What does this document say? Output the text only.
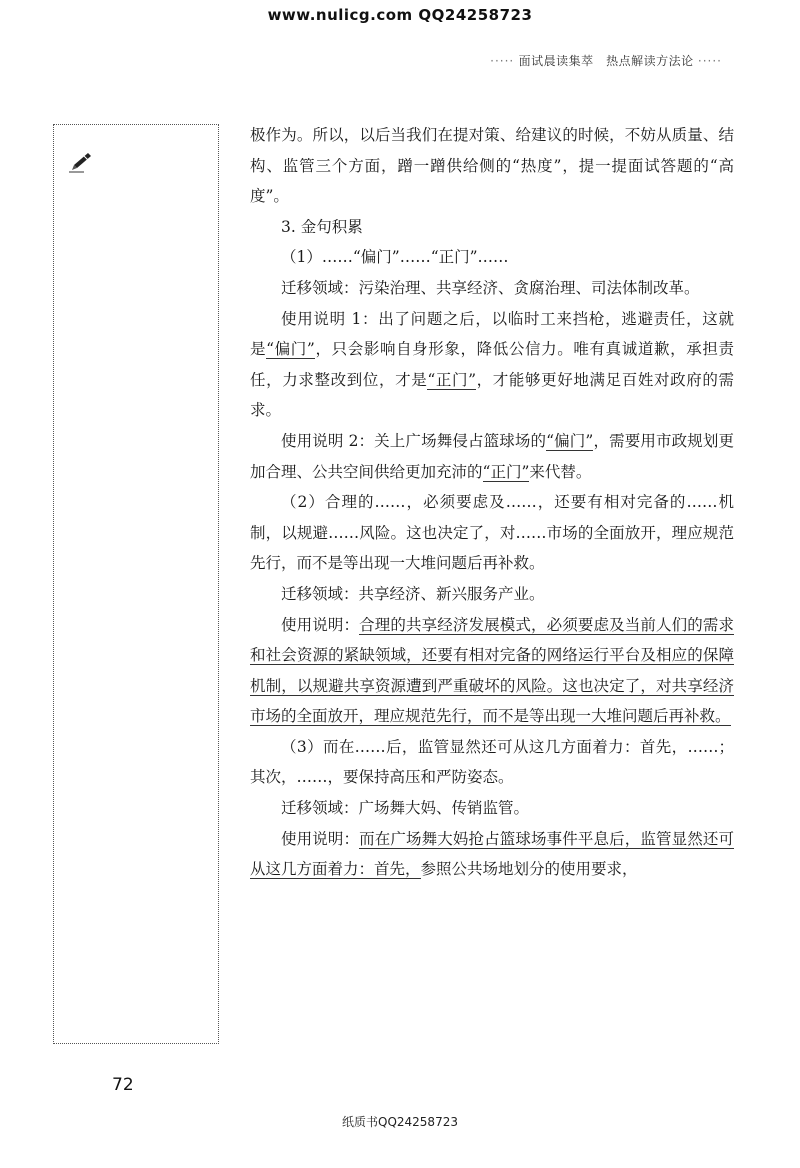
www.nulicg.com QQ24258723
····· 面试晨读集萃　热点解读方法论 ·····

极作为。所以，以后当我们在提对策、给建议的时候，不妨从质量、结构、监管三个方面，蹭一蹭供给侧的“热度”，提一提面试答题的“高度”。

3. 金句积累

（1）……“偏门”……“正门”……

迁移领域：污染治理、共享经济、贪腐治理、司法体制改革。

使用说明 1：出了问题之后，以临时工来挡枪，逃避责任，这就是“偏门”，只会影响自身形象，降低公信力。唯有真诚道歉，承担责任，力求整改到位，才是“正门”，才能够更好地满足百姓对政府的需求。

使用说明 2：关上广场舞侵占篮球场的“偏门”，需要用市政规划更加合理、公共空间供给更加充沛的“正门”来代替。

（2）合理的……，必须要虑及……，还要有相对完备的……机制，以规避……风险。这也决定了，对……市场的全面放开，理应规范先行，而不是等出现一大堆问题后再补救。

迁移领域：共享经济、新兴服务产业。

使用说明：合理的共享经济发展模式，必须要虑及当前人们的需求和社会资源的紧缺领域，还要有相对完备的网络运行平台及相应的保障机制，以规避共享资源遭到严重破坏的风险。这也决定了，对共享经济市场的全面放开，理应规范先行，而不是等出现一大堆问题后再补救。

（3）而在……后，监管显然还可从这几方面着力：首先，……；其次，……，要保持高压和严防姿态。

迁移领域：广场舞大妈、传销监管。

使用说明：而在广场舞大妈抢占篮球场事件平息后，监管显然还可从这几方面着力：首先，参照公共场地划分的使用要求，

72
纸质书QQ24258723
